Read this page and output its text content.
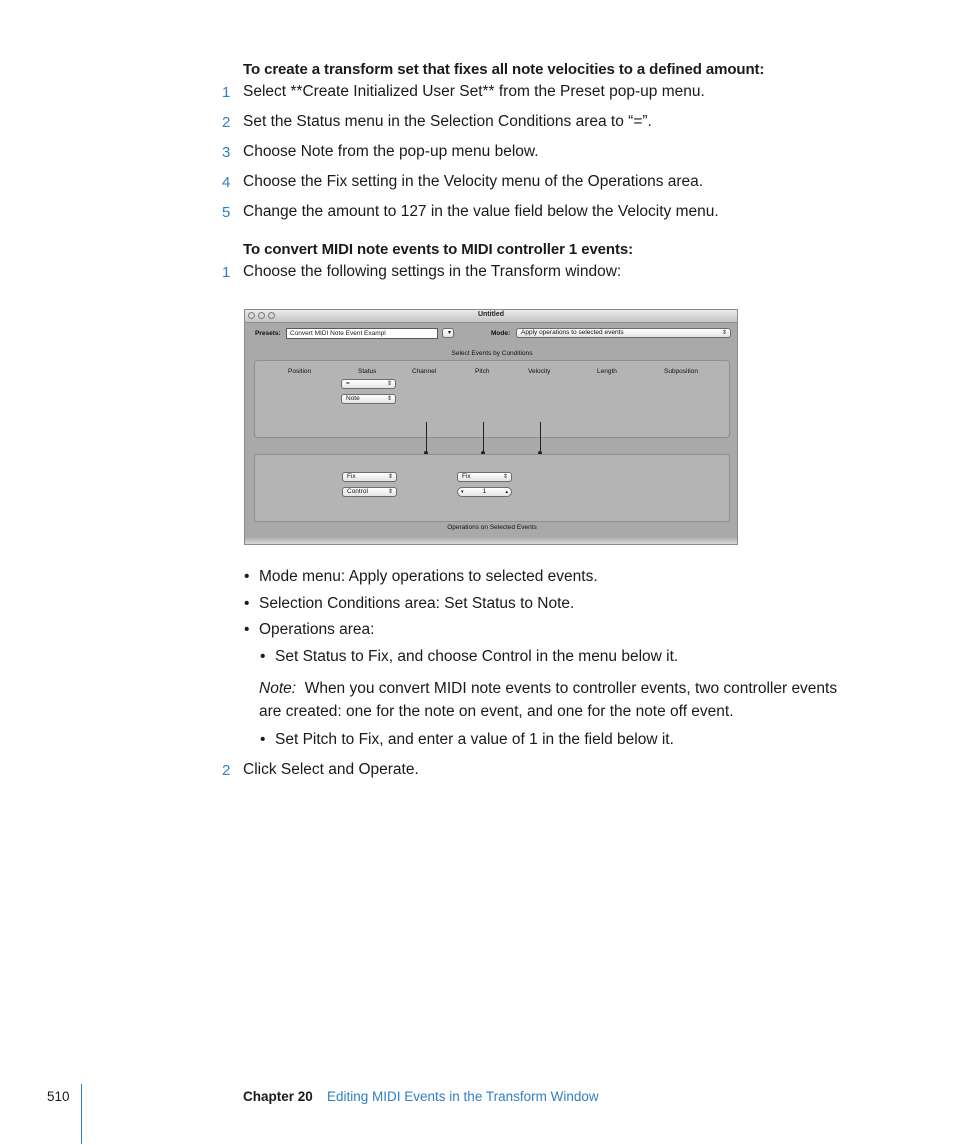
To create a transform set that fixes all note velocities to a defined amount:
1 Select **Create Initialized User Set** from the Preset pop-up menu.
2 Set the Status menu in the Selection Conditions area to “=”.
3 Choose Note from the pop-up menu below.
4 Choose the Fix setting in the Velocity menu of the Operations area.
5 Change the amount to 127 in the value field below the Velocity menu.
To convert MIDI note events to MIDI controller 1 events:
1 Choose the following settings in the Transform window:
Untitled
Presets:	Convert MIDI Note Event Exampl	▾	Mode:	Apply operations to selected events	⇕
Select Events by Conditions
Position	Status	Channel	Pitch	Velocity	Length	Subposition
=	⇕
Note	⇕
Fix	⇕
Control	⇕
Fix	⇕
▾	1	▴
Operations on Selected Events
• Mode menu: Apply operations to selected events.
• Selection Conditions area: Set Status to Note.
• Operations area:
• Set Status to Fix, and choose Control in the menu below it.
Note: When you convert MIDI note events to controller events, two controller events
are created: one for the note on event, and one for the note off event.
• Set Pitch to Fix, and enter a value of 1 in the field below it.
2 Click Select and Operate.
510	Chapter 20 Editing MIDI Events in the Transform Window
